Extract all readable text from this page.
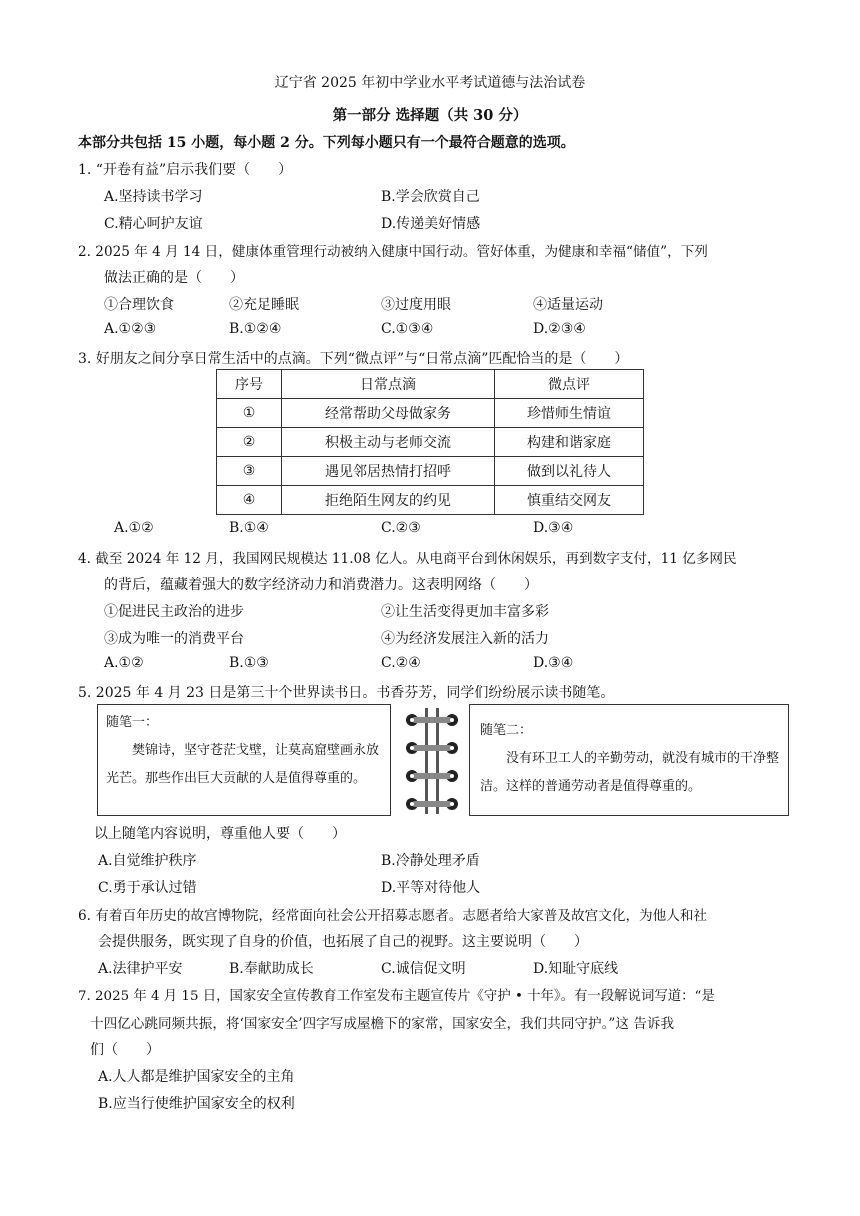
辽宁省 2025 年初中学业水平考试道德与法治试卷
第一部分 选择题（共 30 分）
本部分共包括 15 小题，每小题 2 分。下列每小题只有一个最符合题意的选项。
1. “开卷有益”启示我们要（　　）
A.坚持读书学习	B.学会欣赏自己
C.精心呵护友谊	D.传递美好情感
2. 2025 年 4 月 14 日，健康体重管理行动被纳入健康中国行动。管好体重，为健康和幸福“储值”，下列
做法正确的是（　　）
①合理饮食	②充足睡眠	③过度用眼	④适量运动
A.①②③	B.①②④	C.①③④	D.②③④
3. 好朋友之间分享日常生活中的点滴。下列“微点评”与“日常点滴”匹配恰当的是（　　）
序号	日常点滴	微点评
①	经常帮助父母做家务	珍惜师生情谊
②	积极主动与老师交流	构建和谐家庭
③	遇见邻居热情打招呼	做到以礼待人
④	拒绝陌生网友的约见	慎重结交网友
A.①②	B.①④	C.②③	D.③④
4. 截至 2024 年 12 月，我国网民规模达 11.08 亿人。从电商平台到休闲娱乐，再到数字支付，11 亿多网民
的背后，蕴藏着强大的数字经济动力和消费潜力。这表明网络（　　）
①促进民主政治的进步	②让生活变得更加丰富多彩
③成为唯一的消费平台	④为经济发展注入新的活力
A.①②	B.①③	C.②④	D.③④
5. 2025 年 4 月 23 日是第三十个世界读书日。书香芬芳，同学们纷纷展示读书随笔。
随笔一：
樊锦诗，坚守苍茫戈壁，让莫高窟壁画永放光芒。那些作出巨大贡献的人是值得尊重的。
随笔二：
没有环卫工人的辛勤劳动，就没有城市的干净整洁。这样的普通劳动者是值得尊重的。
以上随笔内容说明，尊重他人要（　　）
A.自觉维护秩序	B.冷静处理矛盾
C.勇于承认过错	D.平等对待他人
6. 有着百年历史的故宫博物院，经常面向社会公开招募志愿者。志愿者给大家普及故宫文化，为他人和社
会提供服务，既实现了自身的价值，也拓展了自己的视野。这主要说明（　　）
A.法律护平安	B.奉献助成长	C.诚信促文明	D.知耻守底线
7. 2025 年 4 月 15 日，国家安全宣传教育工作室发布主题宣传片《守护 • 十年》。有一段解说词写道：“是
十四亿心跳同频共振，将‘国家安全’四字写成屋檐下的家常，国家安全，我们共同守护。”这 告诉我
们（　　）
A.人人都是维护国家安全的主角
B.应当行使维护国家安全的权利
